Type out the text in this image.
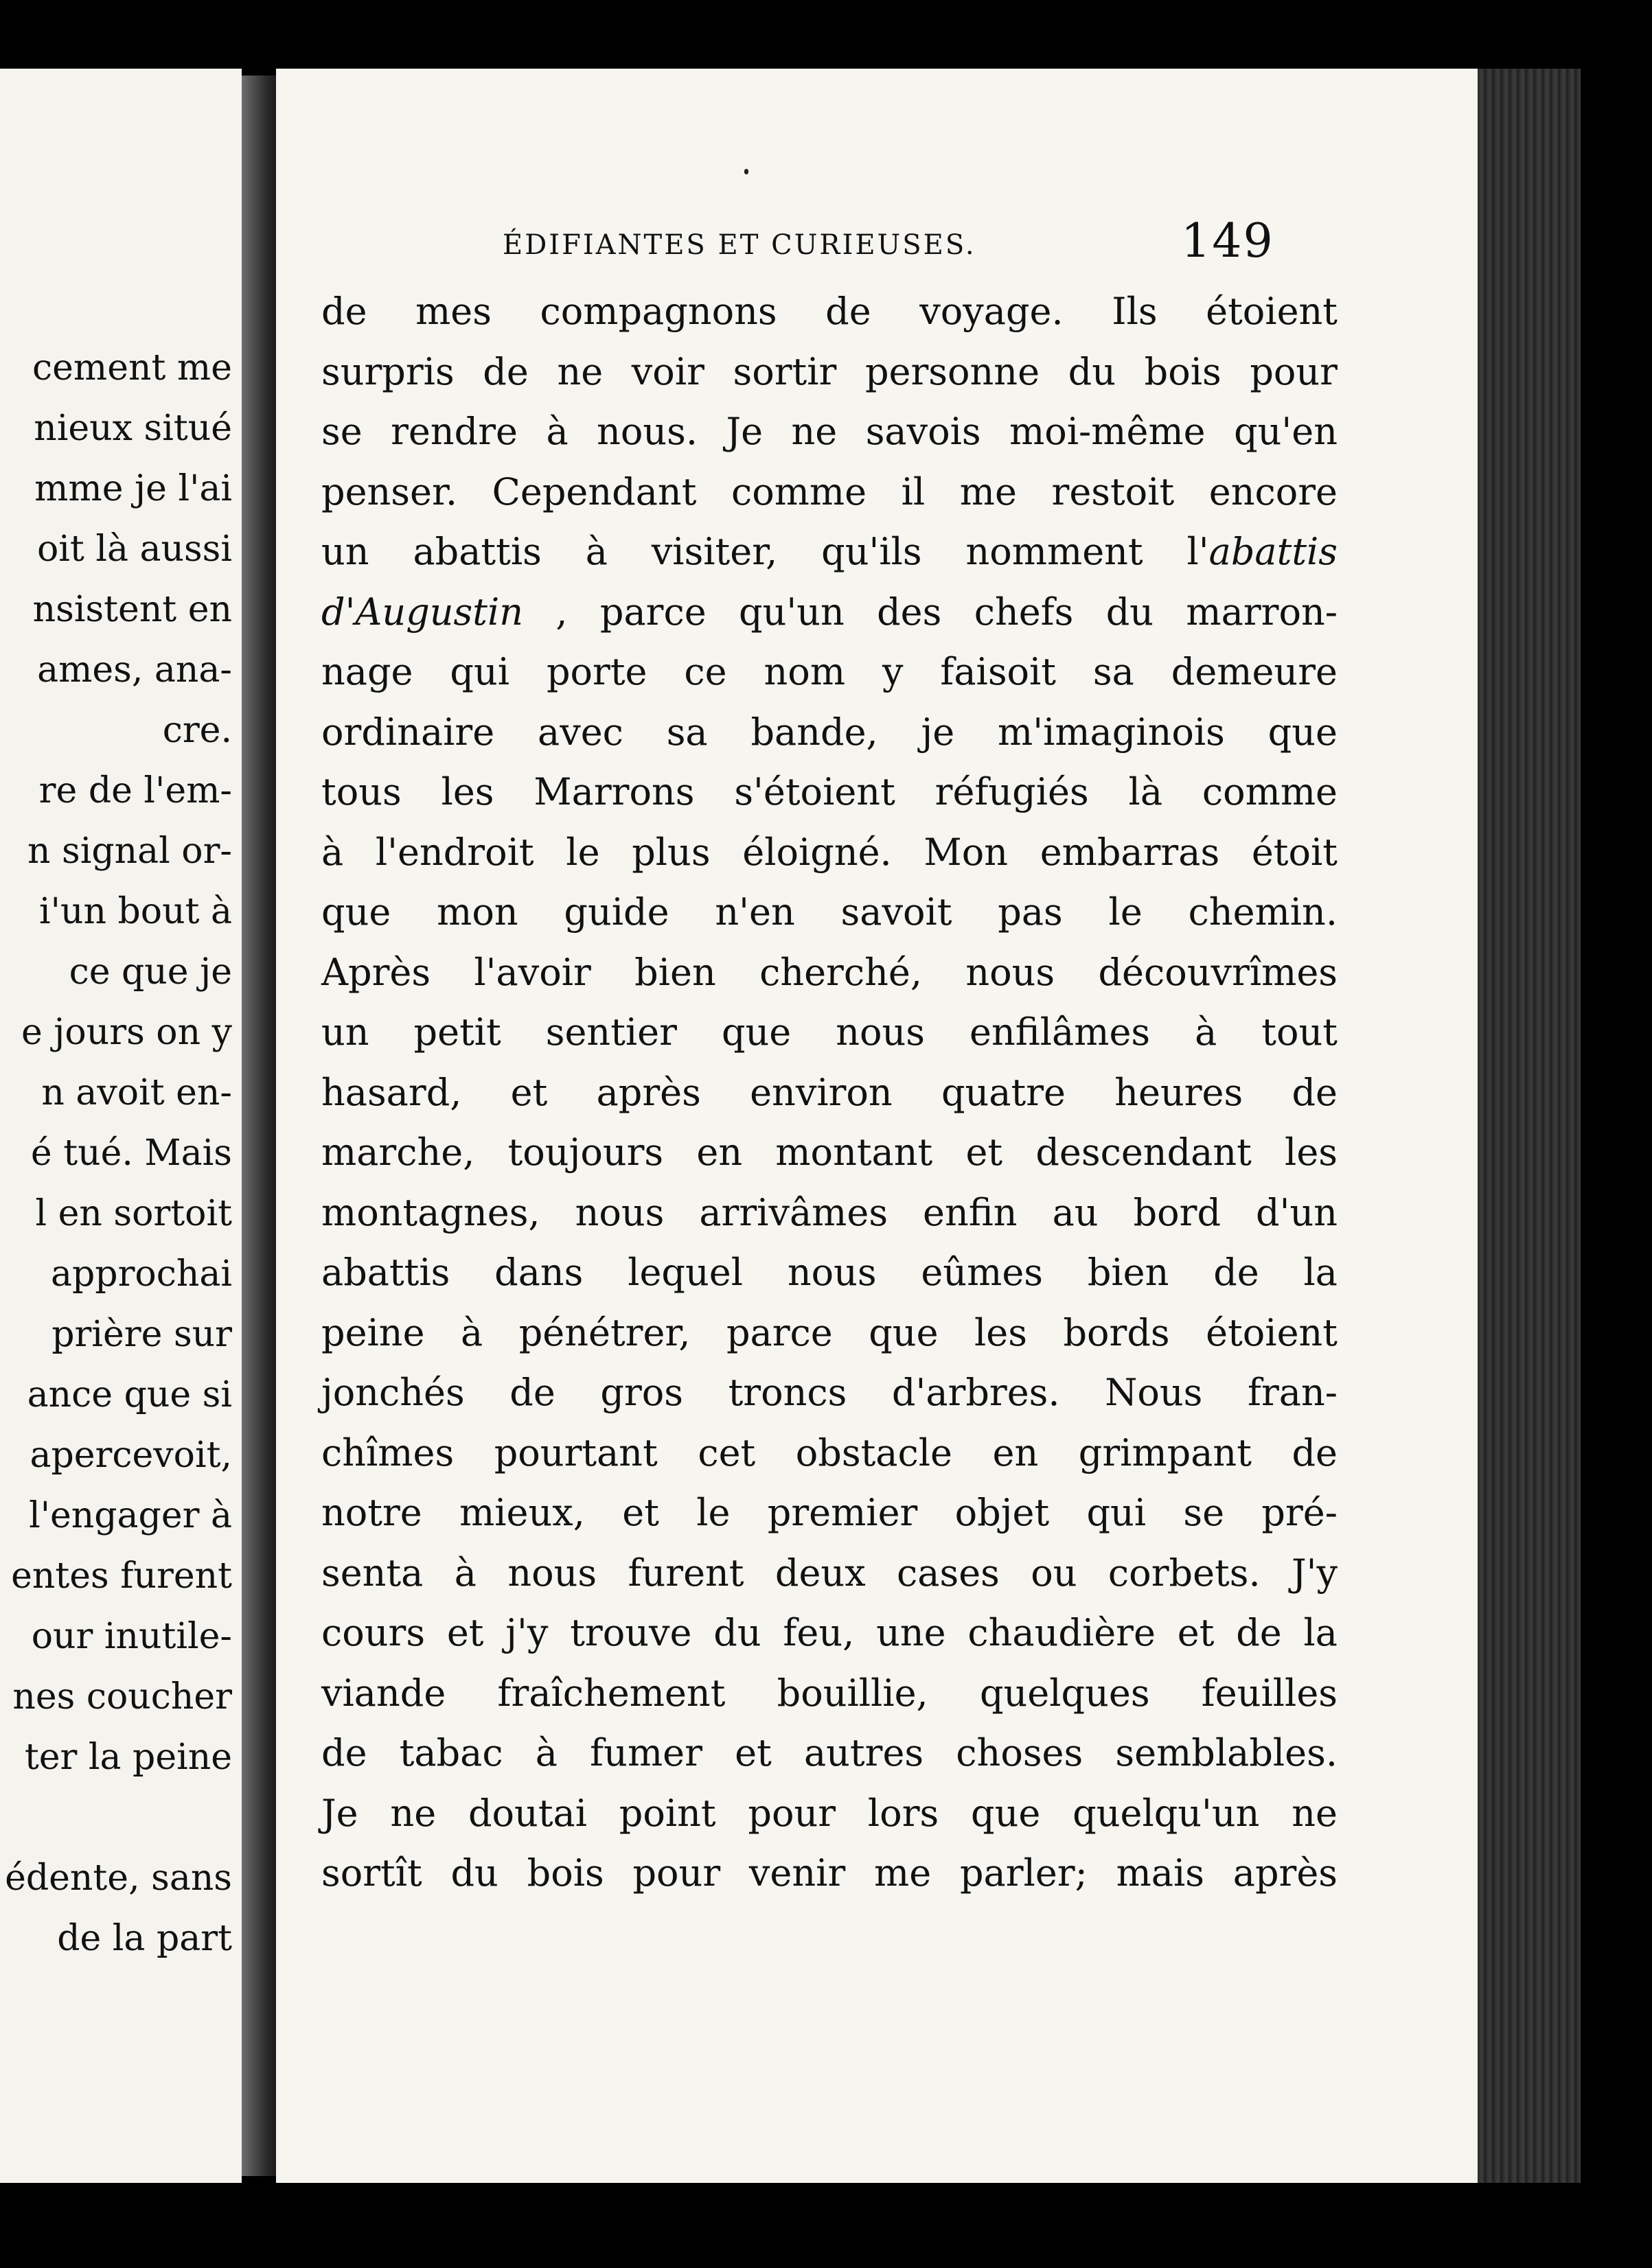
cement me
nieux situé
mme je l'ai
oit là aussi
nsistent en
ames, ana-
cre.
re de l'em-
n signal or-
i'un bout à
ce que je
e jours on y
n avoit en-
é tué. Mais
l en sortoit
approchai
prière sur
ance que si
apercevoit,
l'engager à
entes furent
our inutile-
nes coucher
ter la peine
édente, sans
de la part
ÉDIFIANTES ET CURIEUSES.	149
de mes compagnons de voyage. Ils étoient
surpris de ne voir sortir personne du bois pour
se rendre à nous. Je ne savois moi-même qu'en
penser. Cependant comme il me restoit encore
un abattis à visiter, qu'ils nomment l'abattis
d'Augustin , parce qu'un des chefs du marron-
nage qui porte ce nom y faisoit sa demeure
ordinaire avec sa bande, je m'imaginois que
tous les Marrons s'étoient réfugiés là comme
à l'endroit le plus éloigné. Mon embarras étoit
que mon guide n'en savoit pas le chemin.
Après l'avoir bien cherché, nous découvrîmes
un petit sentier que nous enfilâmes à tout
hasard, et après environ quatre heures de
marche, toujours en montant et descendant les
montagnes, nous arrivâmes enfin au bord d'un
abattis dans lequel nous eûmes bien de la
peine à pénétrer, parce que les bords étoient
jonchés de gros troncs d'arbres. Nous fran-
chîmes pourtant cet obstacle en grimpant de
notre mieux, et le premier objet qui se pré-
senta à nous furent deux cases ou corbets. J'y
cours et j'y trouve du feu, une chaudière et de la
viande fraîchement bouillie, quelques feuilles
de tabac à fumer et autres choses semblables.
Je ne doutai point pour lors que quelqu'un ne
sortît du bois pour venir me parler; mais après
